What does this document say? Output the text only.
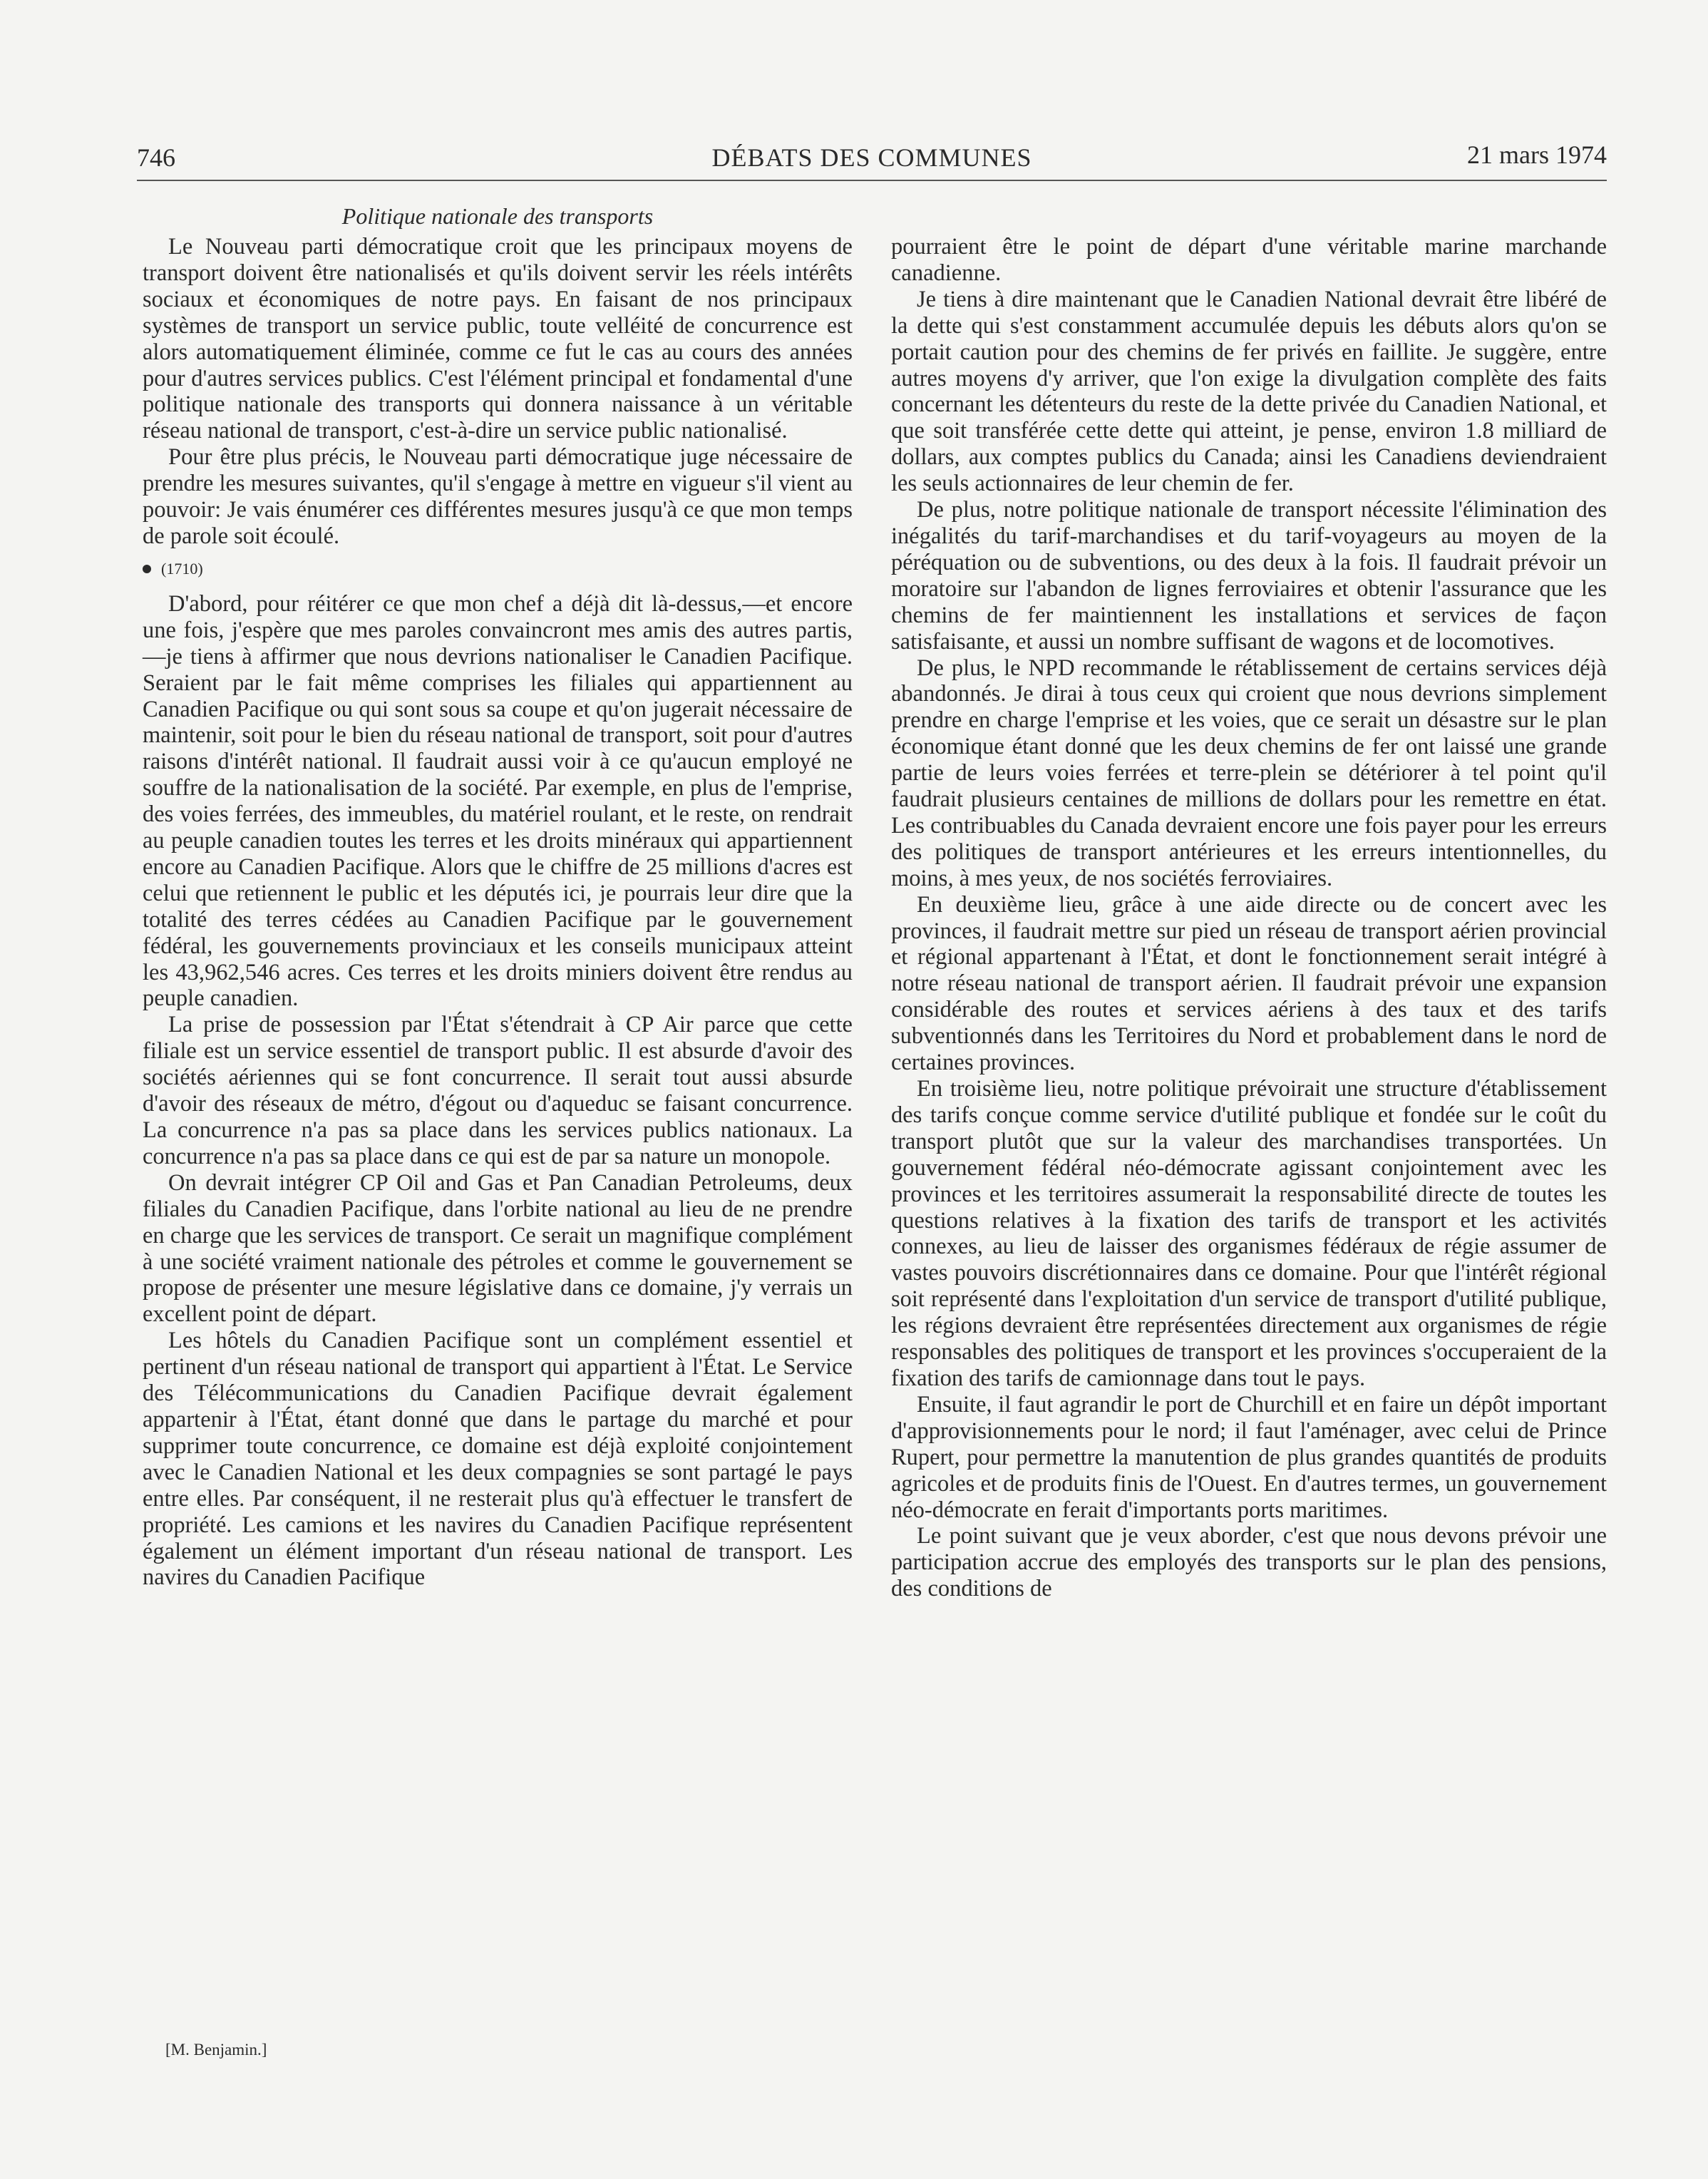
746	DÉBATS DES COMMUNES	21 mars 1974
Politique nationale des transports

Le Nouveau parti démocratique croit que les principaux moyens de transport doivent être nationalisés et qu'ils doivent servir les réels intérêts sociaux et économiques de notre pays. En faisant de nos principaux systèmes de transport un service public, toute velléité de concurrence est alors automatiquement éliminée, comme ce fut le cas au cours des années pour d'autres services publics. C'est l'élément principal et fondamental d'une politique nationale des transports qui donnera naissance à un véritable réseau national de transport, c'est-à-dire un service public nationalisé.

Pour être plus précis, le Nouveau parti démocratique juge nécessaire de prendre les mesures suivantes, qu'il s'engage à mettre en vigueur s'il vient au pouvoir: Je vais énumérer ces différentes mesures jusqu'à ce que mon temps de parole soit écoulé.

(1710)

D'abord, pour réitérer ce que mon chef a déjà dit là-dessus,—et encore une fois, j'espère que mes paroles convaincront mes amis des autres partis,—je tiens à affirmer que nous devrions nationaliser le Canadien Pacifique. Seraient par le fait même comprises les filiales qui appartiennent au Canadien Pacifique ou qui sont sous sa coupe et qu'on jugerait nécessaire de maintenir, soit pour le bien du réseau national de transport, soit pour d'autres raisons d'intérêt national. Il faudrait aussi voir à ce qu'aucun employé ne souffre de la nationalisation de la société. Par exemple, en plus de l'emprise, des voies ferrées, des immeubles, du matériel roulant, et le reste, on rendrait au peuple canadien toutes les terres et les droits minéraux qui appartiennent encore au Canadien Pacifique. Alors que le chiffre de 25 millions d'acres est celui que retiennent le public et les députés ici, je pourrais leur dire que la totalité des terres cédées au Canadien Pacifique par le gouvernement fédéral, les gouvernements provinciaux et les conseils municipaux atteint les 43,962,546 acres. Ces terres et les droits miniers doivent être rendus au peuple canadien.

La prise de possession par l'État s'étendrait à CP Air parce que cette filiale est un service essentiel de transport public. Il est absurde d'avoir des sociétés aériennes qui se font concurrence. Il serait tout aussi absurde d'avoir des réseaux de métro, d'égout ou d'aqueduc se faisant concurrence. La concurrence n'a pas sa place dans les services publics nationaux. La concurrence n'a pas sa place dans ce qui est de par sa nature un monopole.

On devrait intégrer CP Oil and Gas et Pan Canadian Petroleums, deux filiales du Canadien Pacifique, dans l'orbite national au lieu de ne prendre en charge que les services de transport. Ce serait un magnifique complément à une société vraiment nationale des pétroles et comme le gouvernement se propose de présenter une mesure législative dans ce domaine, j'y verrais un excellent point de départ.

Les hôtels du Canadien Pacifique sont un complément essentiel et pertinent d'un réseau national de transport qui appartient à l'État. Le Service des Télécommunications du Canadien Pacifique devrait également appartenir à l'État, étant donné que dans le partage du marché et pour supprimer toute concurrence, ce domaine est déjà exploité conjointement avec le Canadien National et les deux compagnies se sont partagé le pays entre elles. Par conséquent, il ne resterait plus qu'à effectuer le transfert de propriété. Les camions et les navires du Canadien Pacifique représentent également un élément important d'un réseau national de transport. Les navires du Canadien Pacifique

pourraient être le point de départ d'une véritable marine marchande canadienne.

Je tiens à dire maintenant que le Canadien National devrait être libéré de la dette qui s'est constamment accumulée depuis les débuts alors qu'on se portait caution pour des chemins de fer privés en faillite. Je suggère, entre autres moyens d'y arriver, que l'on exige la divulgation complète des faits concernant les détenteurs du reste de la dette privée du Canadien National, et que soit transférée cette dette qui atteint, je pense, environ 1.8 milliard de dollars, aux comptes publics du Canada; ainsi les Canadiens deviendraient les seuls actionnaires de leur chemin de fer.

De plus, notre politique nationale de transport nécessite l'élimination des inégalités du tarif-marchandises et du tarif-voyageurs au moyen de la péréquation ou de subventions, ou des deux à la fois. Il faudrait prévoir un moratoire sur l'abandon de lignes ferroviaires et obtenir l'assurance que les chemins de fer maintiennent les installations et services de façon satisfaisante, et aussi un nombre suffisant de wagons et de locomotives.

De plus, le NPD recommande le rétablissement de certains services déjà abandonnés. Je dirai à tous ceux qui croient que nous devrions simplement prendre en charge l'emprise et les voies, que ce serait un désastre sur le plan économique étant donné que les deux chemins de fer ont laissé une grande partie de leurs voies ferrées et terre-plein se détériorer à tel point qu'il faudrait plusieurs centaines de millions de dollars pour les remettre en état. Les contribuables du Canada devraient encore une fois payer pour les erreurs des politiques de transport antérieures et les erreurs intentionnelles, du moins, à mes yeux, de nos sociétés ferroviaires.

En deuxième lieu, grâce à une aide directe ou de concert avec les provinces, il faudrait mettre sur pied un réseau de transport aérien provincial et régional appartenant à l'État, et dont le fonctionnement serait intégré à notre réseau national de transport aérien. Il faudrait prévoir une expansion considérable des routes et services aériens à des taux et des tarifs subventionnés dans les Territoires du Nord et probablement dans le nord de certaines provinces.

En troisième lieu, notre politique prévoirait une structure d'établissement des tarifs conçue comme service d'utilité publique et fondée sur le coût du transport plutôt que sur la valeur des marchandises transportées. Un gouvernement fédéral néo-démocrate agissant conjointement avec les provinces et les territoires assumerait la responsabilité directe de toutes les questions relatives à la fixation des tarifs de transport et les activités connexes, au lieu de laisser des organismes fédéraux de régie assumer de vastes pouvoirs discrétionnaires dans ce domaine. Pour que l'intérêt régional soit représenté dans l'exploitation d'un service de transport d'utilité publique, les régions devraient être représentées directement aux organismes de régie responsables des politiques de transport et les provinces s'occuperaient de la fixation des tarifs de camionnage dans tout le pays.

Ensuite, il faut agrandir le port de Churchill et en faire un dépôt important d'approvisionnements pour le nord; il faut l'aménager, avec celui de Prince Rupert, pour permettre la manutention de plus grandes quantités de produits agricoles et de produits finis de l'Ouest. En d'autres termes, un gouvernement néo-démocrate en ferait d'importants ports maritimes.

Le point suivant que je veux aborder, c'est que nous devons prévoir une participation accrue des employés des transports sur le plan des pensions, des conditions de

[M. Benjamin.]
